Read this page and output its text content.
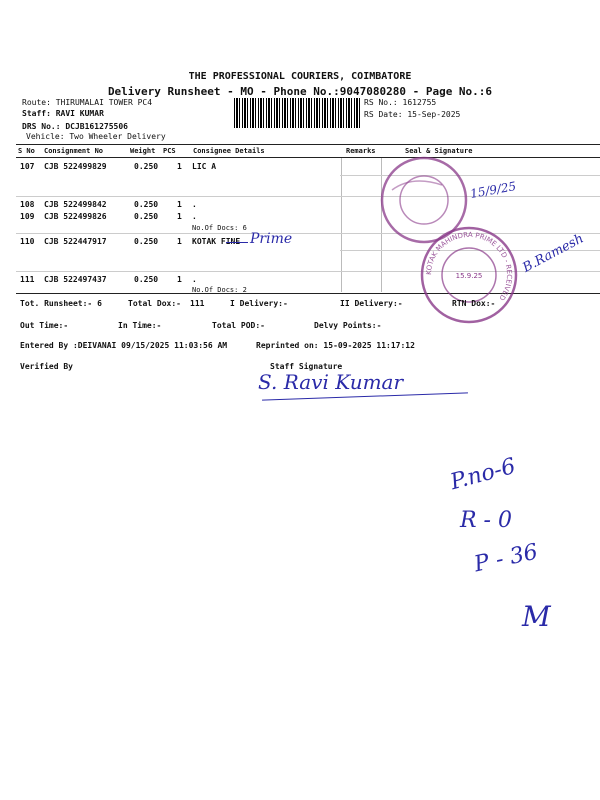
THE PROFESSIONAL COURIERS, COIMBATORE
Delivery Runsheet - MO - Phone No.:9047080280 - Page No.:6
Route: THIRUMALAI TOWER PC4
Staff: RAVI KUMAR
DRS No.: DCJB161275506
Vehicle: Two Wheeler Delivery
RS No.: 1612755
RS Date: 15-Sep-2025
S No Consignment No	Weight PCS Consignee Details	Remarks	Seal & Signature
107 CJB 522499829	0.250 1 LIC A
108 CJB 522499842	0.250 1 .
109 CJB 522499826	0.250 1 .
No.Of Docs: 6
110 CJB 522447917	0.250 1 KOTAK FINE Prime
111 CJB 522497437	0.250 1 .
No.Of Docs: 2
KOTAK MAHINDRA PRIME LTD - RECEIVED
15.9.25
15/9/25
B.Ramesh
Tot. Runsheet:- 6	Total Dox:- 111	I Delivery:-	II Delivery:-	RTN Dox:-
Out Time:-	In Time:-	Total POD:-	Delvy Points:-
Entered By :DEIVANAI 09/15/2025 11:03:56 AM	Reprinted on: 15-09-2025 11:17:12
Verified By	Staff Signature
S. Ravi Kumar
P.no-6
R - 0
P - 36
M
